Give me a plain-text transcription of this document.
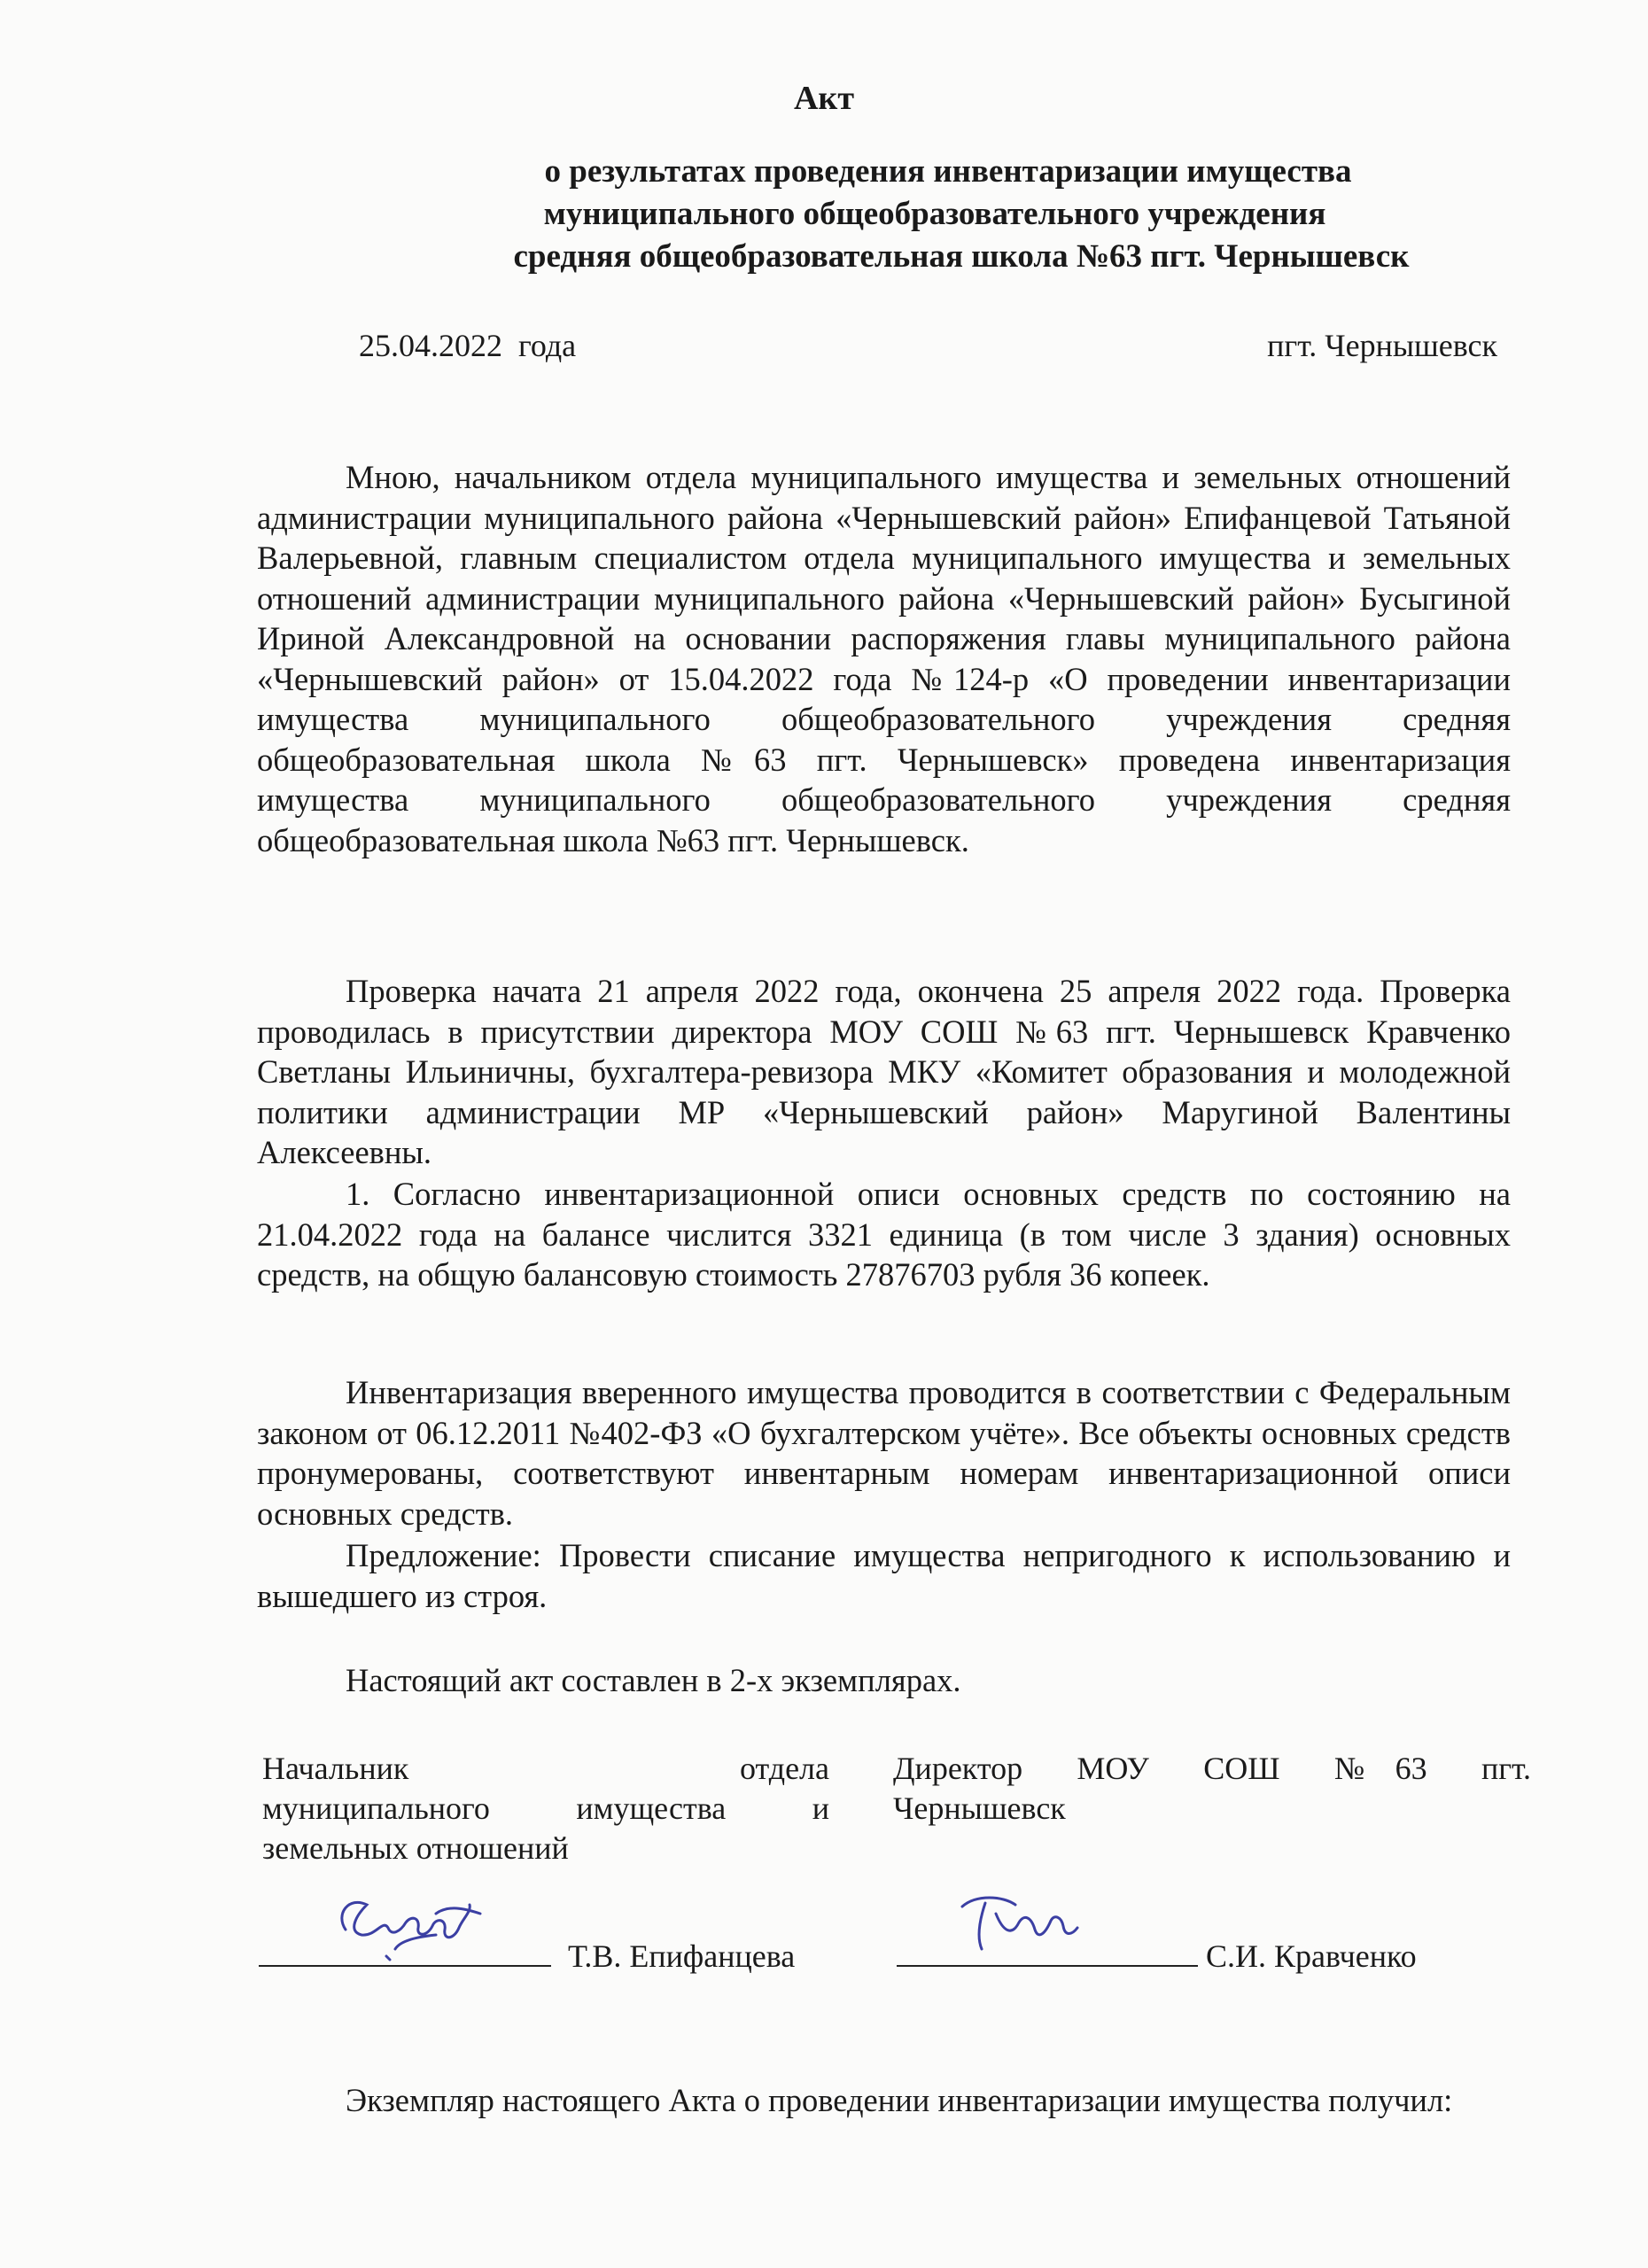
Акт
о результатах проведения инвентаризации имущества
муниципального общеобразовательного учреждения
средняя общеобразовательная школа №63 пгт. Чернышевск
25.04.2022  года	пгт. Чернышевск

Мною, начальником отдела муниципального имущества и земельных отношений администрации муниципального района «Чернышевский район» Епифанцевой Татьяной Валерьевной, главным специалистом отдела муниципального имущества и земельных отношений администрации муниципального района «Чернышевский район» Бусыгиной Ириной Александровной на основании распоряжения главы муниципального района «Чернышевский район» от 15.04.2022 года №124-р «О проведении инвентаризации имущества муниципального общеобразовательного учреждения средняя общеобразовательная школа №63 пгт. Чернышевск» проведена инвентаризация имущества муниципального общеобразовательного учреждения средняя общеобразовательная школа №63 пгт. Чернышевск.

Проверка начата 21 апреля 2022 года, окончена 25 апреля 2022 года. Проверка проводилась в присутствии директора МОУ СОШ №63 пгт. Чернышевск Кравченко Светланы Ильиничны, бухгалтера-ревизора МКУ «Комитет образования и молодежной политики администрации МР «Чернышевский район» Маругиной Валентины Алексеевны.

1. Согласно инвентаризационной описи основных средств по состоянию на 21.04.2022 года на балансе числится 3321 единица (в том числе 3 здания) основных средств, на общую балансовую стоимость 27876703 рубля 36 копеек.

Инвентаризация вверенного имущества проводится в соответствии с Федеральным законом от 06.12.2011 №402-ФЗ «О бухгалтерском учёте». Все объекты основных средств пронумерованы, соответствуют инвентарным номерам инвентаризационной описи основных средств.

Предложение: Провести списание имущества непригодного к использованию и вышедшего из строя.

Настоящий акт составлен в 2-х экземплярах.

Начальник отдела
муниципального имущества и
земельных отношений
Директор МОУ СОШ №63 пгт.
Чернышевск
Т.В. Епифанцева	С.И. Кравченко

Экземпляр настоящего Акта о проведении инвентаризации имущества получил:
